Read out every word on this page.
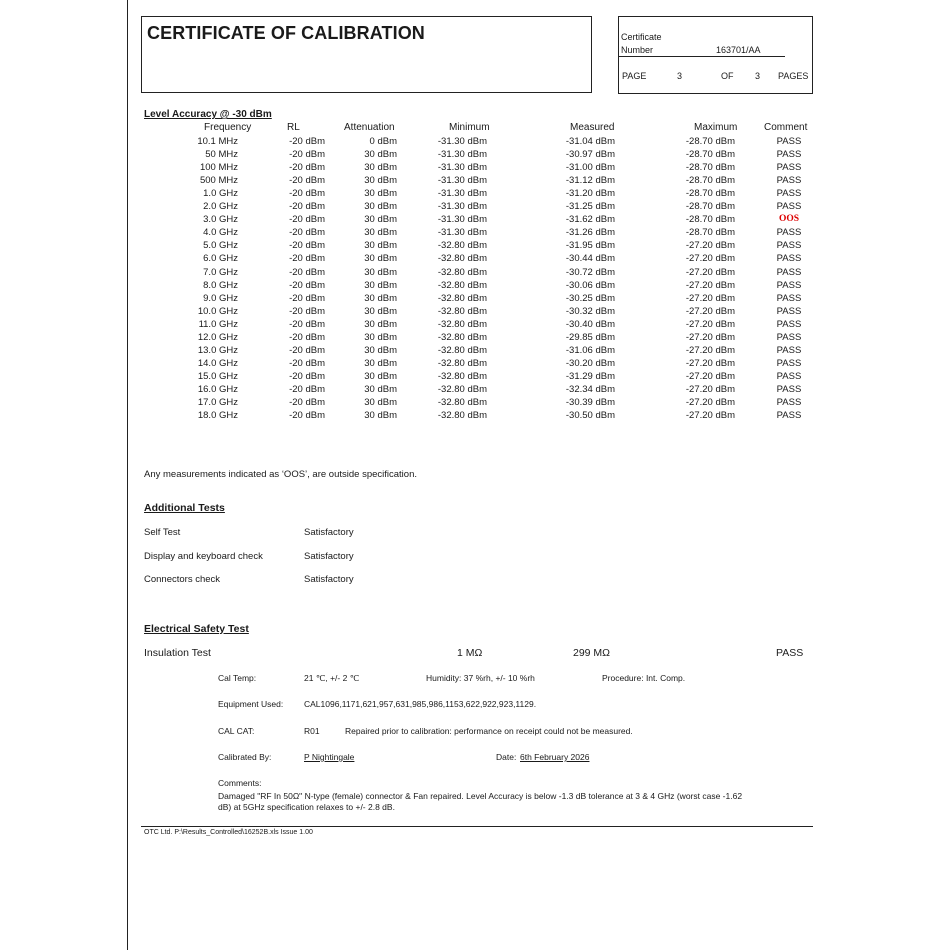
CERTIFICATE OF CALIBRATION	Certificate
Number	163701/AA
PAGE	3	OF 3 PAGES
Level Accuracy @ -30 dBm
Frequency	RL	Attenuation	Minimum	Measured	Maximum	Comment
10.1 MHz	-20 dBm	0 dBm	-31.30 dBm	-31.04 dBm	-28.70 dBm	PASS
50 MHz	-20 dBm	30 dBm	-31.30 dBm	-30.97 dBm	-28.70 dBm	PASS
100 MHz	-20 dBm	30 dBm	-31.30 dBm	-31.00 dBm	-28.70 dBm	PASS
500 MHz	-20 dBm	30 dBm	-31.30 dBm	-31.12 dBm	-28.70 dBm	PASS
1.0 GHz	-20 dBm	30 dBm	-31.30 dBm	-31.20 dBm	-28.70 dBm	PASS
2.0 GHz	-20 dBm	30 dBm	-31.30 dBm	-31.25 dBm	-28.70 dBm	PASS
3.0 GHz	-20 dBm	30 dBm	-31.30 dBm	-31.62 dBm	-28.70 dBm	OOS
4.0 GHz	-20 dBm	30 dBm	-31.30 dBm	-31.26 dBm	-28.70 dBm	PASS
5.0 GHz	-20 dBm	30 dBm	-32.80 dBm	-31.95 dBm	-27.20 dBm	PASS
6.0 GHz	-20 dBm	30 dBm	-32.80 dBm	-30.44 dBm	-27.20 dBm	PASS
7.0 GHz	-20 dBm	30 dBm	-32.80 dBm	-30.72 dBm	-27.20 dBm	PASS
8.0 GHz	-20 dBm	30 dBm	-32.80 dBm	-30.06 dBm	-27.20 dBm	PASS
9.0 GHz	-20 dBm	30 dBm	-32.80 dBm	-30.25 dBm	-27.20 dBm	PASS
10.0 GHz	-20 dBm	30 dBm	-32.80 dBm	-30.32 dBm	-27.20 dBm	PASS
11.0 GHz	-20 dBm	30 dBm	-32.80 dBm	-30.40 dBm	-27.20 dBm	PASS
12.0 GHz	-20 dBm	30 dBm	-32.80 dBm	-29.85 dBm	-27.20 dBm	PASS
13.0 GHz	-20 dBm	30 dBm	-32.80 dBm	-31.06 dBm	-27.20 dBm	PASS
14.0 GHz	-20 dBm	30 dBm	-32.80 dBm	-30.20 dBm	-27.20 dBm	PASS
15.0 GHz	-20 dBm	30 dBm	-32.80 dBm	-31.29 dBm	-27.20 dBm	PASS
16.0 GHz	-20 dBm	30 dBm	-32.80 dBm	-32.34 dBm	-27.20 dBm	PASS
17.0 GHz	-20 dBm	30 dBm	-32.80 dBm	-30.39 dBm	-27.20 dBm	PASS
18.0 GHz	-20 dBm	30 dBm	-32.80 dBm	-30.50 dBm	-27.20 dBm	PASS
Any measurements indicated as ‘OOS’, are outside specification.
Additional Tests
Self Test	Satisfactory
Display and keyboard check	Satisfactory
Connectors check	Satisfactory
Electrical Safety Test
Insulation Test	1 MΩ	299 MΩ	PASS
Cal Temp:	21 ℃, +/- 2 ℃	Humidity: 37 %rh, +/- 10 %rh	Procedure: Int. Comp.
Equipment Used: CAL1096,1171,621,957,631,985,986,1153,622,922,923,1129.
CAL CAT:	R01	Repaired prior to calibration: performance on receipt could not be measured.
Calibrated By:	P Nightingale	Date: 6th February 2026
Comments:
Damaged "RF In 50Ω" N-type (female) connector & Fan repaired. Level Accuracy is below -1.3 dB tolerance at 3 & 4 GHz (worst case -1.62
dB) at 5GHz specification relaxes to +/- 2.8 dB.
OTC Ltd. P:\Results_Controlled\16252B.xls Issue 1.00
